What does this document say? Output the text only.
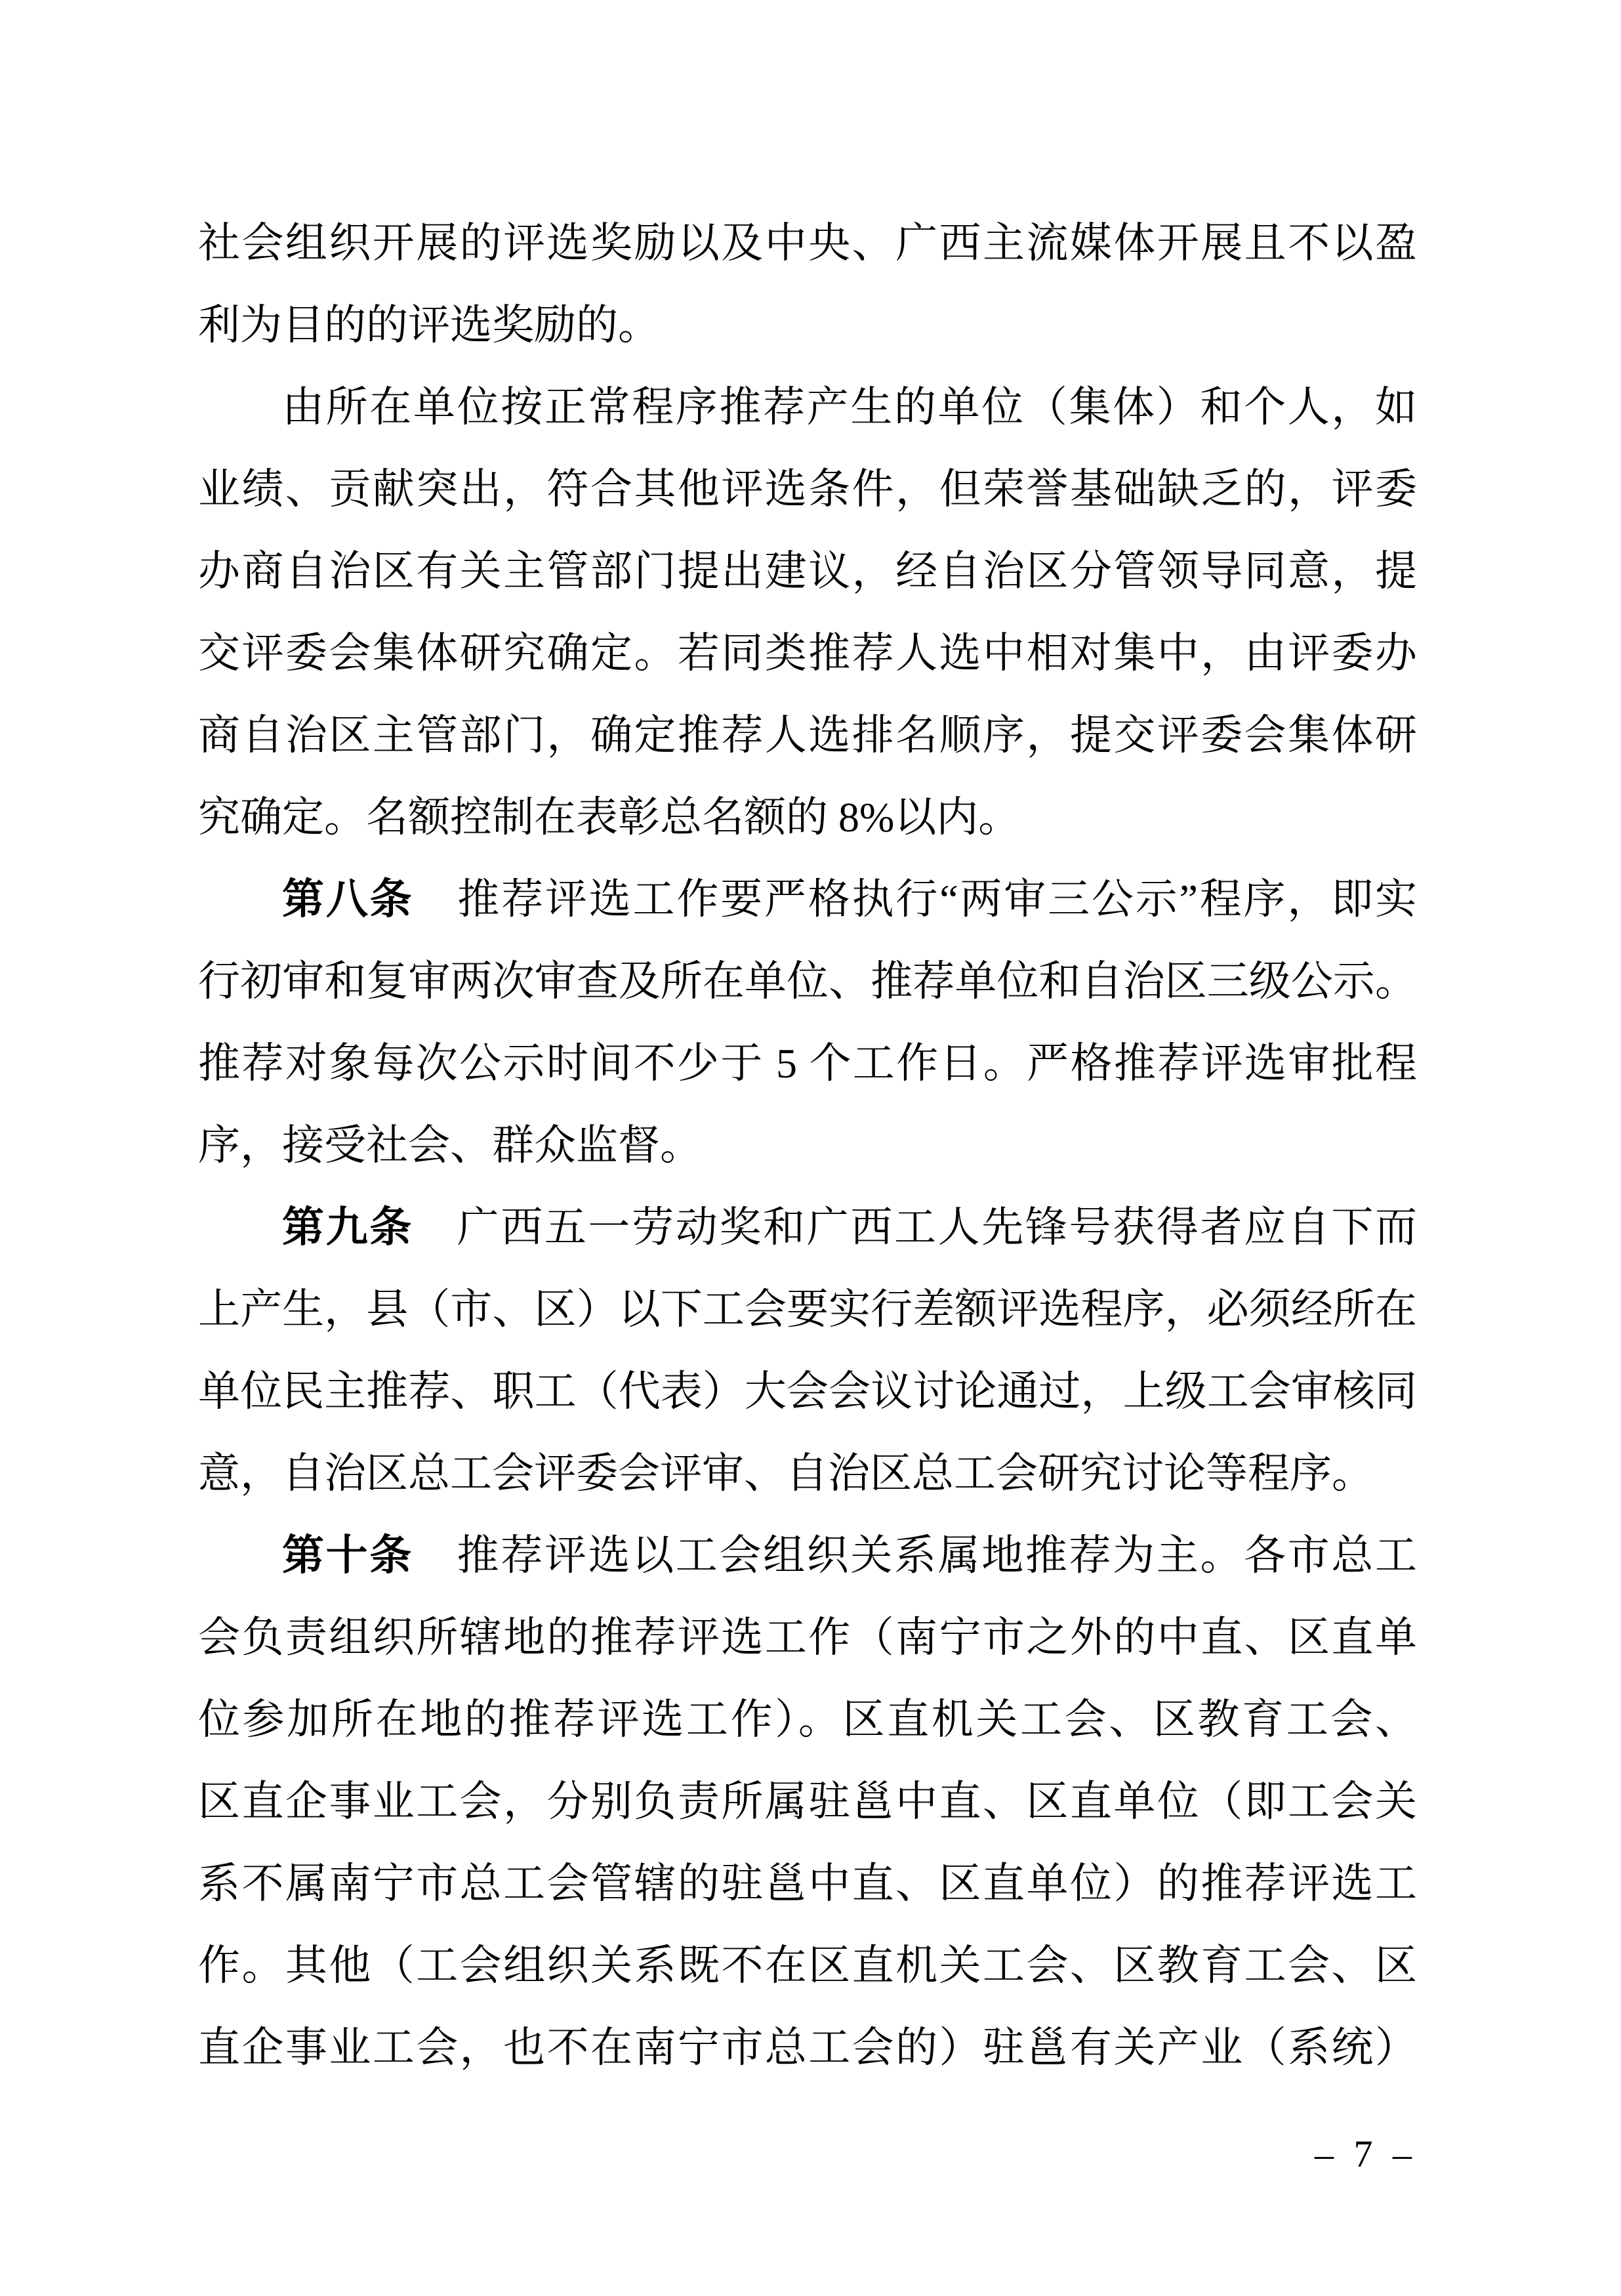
社会组织开展的评选奖励以及中央、广西主流媒体开展且不以盈
利为目的的评选奖励的。
由所在单位按正常程序推荐产生的单位（集体）和个人，如
业绩、贡献突出，符合其他评选条件，但荣誉基础缺乏的，评委
办商自治区有关主管部门提出建议，经自治区分管领导同意，提
交评委会集体研究确定。若同类推荐人选中相对集中，由评委办
商自治区主管部门，确定推荐人选排名顺序，提交评委会集体研
究确定。名额控制在表彰总名额的 8%以内。
第八条　推荐评选工作要严格执行“两审三公示”程序，即实
行初审和复审两次审查及所在单位、推荐单位和自治区三级公示。
推荐对象每次公示时间不少于 5 个工作日。严格推荐评选审批程
序，接受社会、群众监督。
第九条　广西五一劳动奖和广西工人先锋号获得者应自下而
上产生，县（市、区）以下工会要实行差额评选程序，必须经所在
单位民主推荐、职工（代表）大会会议讨论通过，上级工会审核同
意，自治区总工会评委会评审、自治区总工会研究讨论等程序。
第十条　推荐评选以工会组织关系属地推荐为主。各市总工
会负责组织所辖地的推荐评选工作（南宁市之外的中直、区直单
位参加所在地的推荐评选工作）。区直机关工会、区教育工会、
区直企事业工会，分别负责所属驻邕中直、区直单位（即工会关
系不属南宁市总工会管辖的驻邕中直、区直单位）的推荐评选工
作。其他（工会组织关系既不在区直机关工会、区教育工会、区
直企事业工会，也不在南宁市总工会的）驻邕有关产业（系统）
– 7 –
